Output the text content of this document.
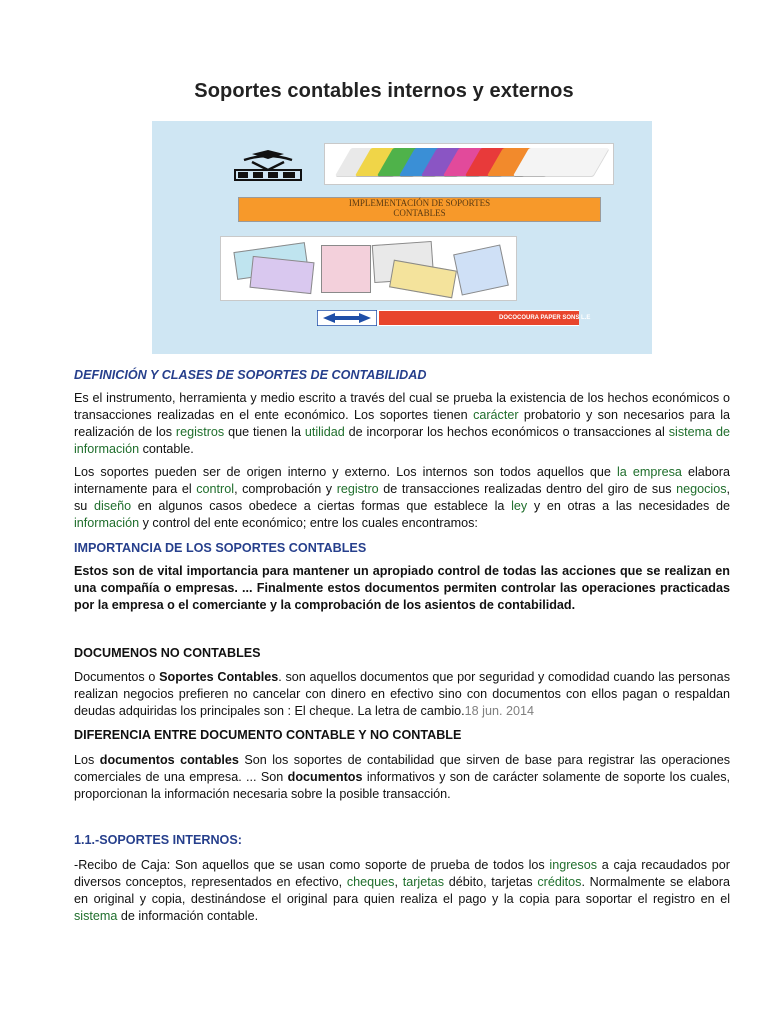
Soportes contables internos y externos
IMPLEMENTACIÓN DE SOPORTES
CONTABLES
DOCOCOURA PAPER SONS L.E
DEFINICIÓN Y CLASES DE SOPORTES DE CONTABILIDAD

Es el instrumento, herramienta y medio escrito a través del cual se prueba la existencia de los hechos económicos o transacciones realizadas en el ente económico. Los soportes tienen carácter probatorio y son necesarios para la realización de los registros que tienen la utilidad de incorporar los hechos económicos o transacciones al sistema de información contable.

Los soportes pueden ser de origen interno y externo. Los internos son todos aquellos que la empresa elabora internamente para el control, comprobación y registro de transacciones realizadas dentro del giro de sus negocios, su diseño en algunos casos obedece a ciertas formas que establece la ley y en otras a las necesidades de información y control del ente económico; entre los cuales encontramos:

IMPORTANCIA DE LOS SOPORTES CONTABLES

Estos son de vital importancia para mantener un apropiado control de todas las acciones que se realizan en una compañía o empresas. ... Finalmente estos documentos permiten controlar las operaciones practicadas por la empresa o el comerciante y la comprobación de los asientos de contabilidad.

DOCUMENOS NO CONTABLES

Documentos o Soportes Contables. son aquellos documentos que por seguridad y comodidad cuando las personas realizan negocios prefieren no cancelar con dinero en efectivo sino con documentos con ellos pagan o respaldan deudas adquiridas los principales son : El cheque. La letra de cambio.18 jun. 2014

DIFERENCIA ENTRE DOCUMENTO CONTABLE Y NO CONTABLE

Los documentos contables Son los soportes de contabilidad que sirven de base para registrar las operaciones comerciales de una empresa. ... Son documentos informativos y son de carácter solamente de soporte los cuales, proporcionan la información necesaria sobre la posible transacción.

1.1.-SOPORTES INTERNOS:

-Recibo de Caja: Son aquellos que se usan como soporte de prueba de todos los ingresos a caja recaudados por diversos conceptos, representados en efectivo, cheques, tarjetas débito, tarjetas créditos. Normalmente se elabora en original y copia, destinándose el original para quien realiza el pago y la copia para soportar el registro en el sistema de información contable.
